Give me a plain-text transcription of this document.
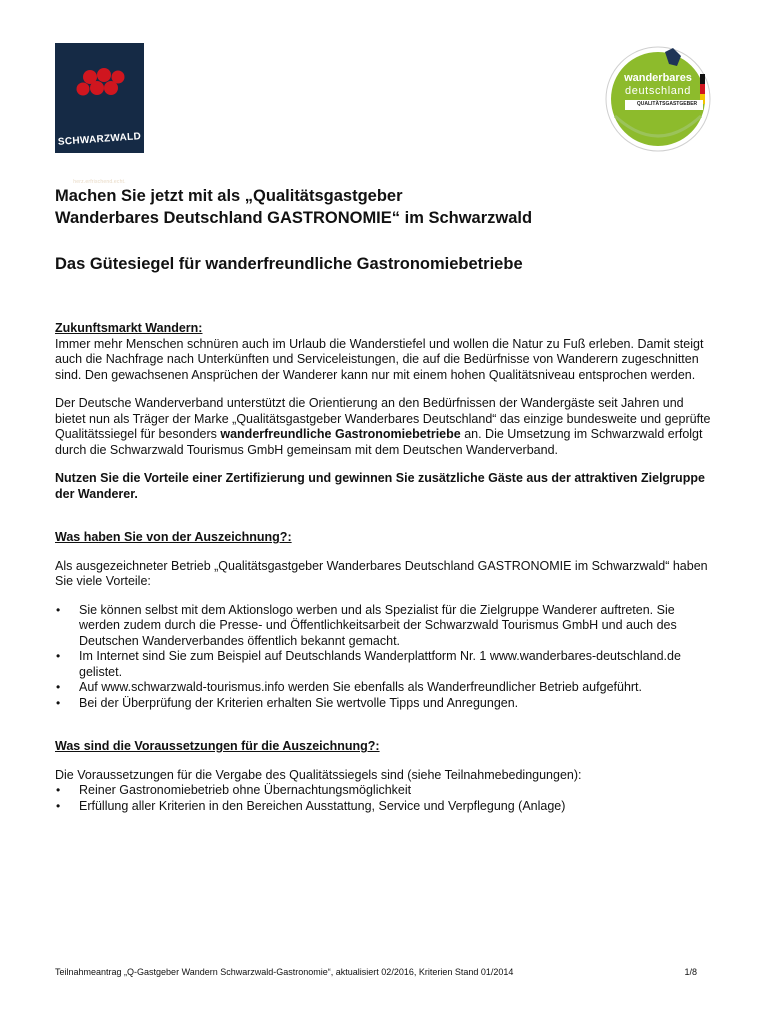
SCHWARZWALD
herz.erfrischend.echt.
wanderbares
deutschland
QUALITÄTSGASTGEBER
Machen Sie jetzt mit als „Qualitätsgastgeber
Wanderbares Deutschland GASTRONOMIE“ im Schwarzwald
Das Gütesiegel für wanderfreundliche Gastronomiebetriebe
Zukunftsmarkt Wandern:

Immer mehr Menschen schnüren auch im Urlaub die Wanderstiefel und wollen die Natur zu Fuß erleben. Damit steigt auch die Nachfrage nach Unterkünften und Serviceleistungen, die auf die Bedürfnisse von Wanderern zugeschnitten sind. Den gewachsenen Ansprüchen der Wanderer kann nur mit einem hohen Qualitätsniveau entsprochen werden.

Der Deutsche Wanderverband unterstützt die Orientierung an den Bedürfnissen der Wandergäste seit Jahren und bietet nun als Träger der Marke „Qualitätsgastgeber Wanderbares Deutschland“ das einzige bundesweite und geprüfte Qualitätssiegel für besonders wanderfreundliche Gastronomiebetriebe an. Die Umsetzung im Schwarzwald erfolgt durch die Schwarzwald Tourismus GmbH gemeinsam mit dem Deutschen Wanderverband.

Nutzen Sie die Vorteile einer Zertifizierung und gewinnen Sie zusätzliche Gäste aus der attraktiven Zielgruppe der Wanderer.

Was haben Sie von der Auszeichnung?:

Als ausgezeichneter Betrieb „Qualitätsgastgeber Wanderbares Deutschland GASTRONOMIE im Schwarzwald“ haben Sie viele Vorteile:

• Sie können selbst mit dem Aktionslogo werben und als Spezialist für die Zielgruppe Wanderer auftreten. Sie werden zudem durch die Presse- und Öffentlichkeitsarbeit der Schwarzwald Tourismus GmbH und auch des Deutschen Wanderverbandes öffentlich bekannt gemacht.
• Im Internet sind Sie zum Beispiel auf Deutschlands Wanderplattform Nr. 1 www.wanderbares-deutschland.de gelistet.
• Auf www.schwarzwald-tourismus.info werden Sie ebenfalls als Wanderfreundlicher Betrieb aufgeführt.
• Bei der Überprüfung der Kriterien erhalten Sie wertvolle Tipps und Anregungen.
Was sind die Voraussetzungen für die Auszeichnung?:

Die Voraussetzungen für die Vergabe des Qualitätssiegels sind (siehe Teilnahmebedingungen):

• Reiner Gastronomiebetrieb ohne Übernachtungsmöglichkeit
• Erfüllung aller Kriterien in den Bereichen Ausstattung, Service und Verpflegung (Anlage)
Teilnahmeantrag „Q-Gastgeber Wandern Schwarzwald-Gastronomie“, aktualisiert 02/2016, Kriterien Stand 01/2014	1/8
